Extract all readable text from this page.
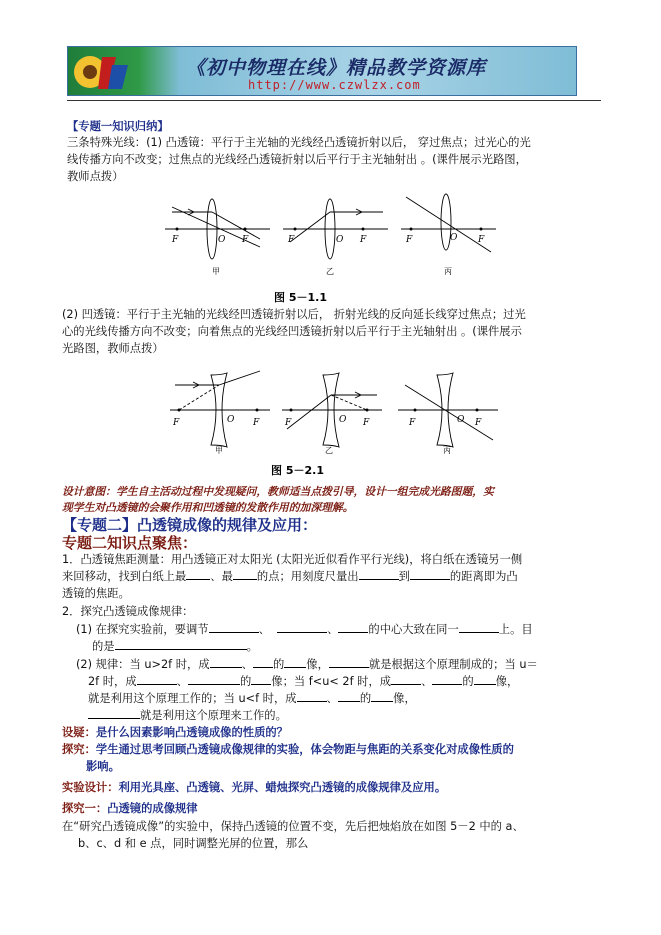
《初中物理在线》精品教学资源库
http://www.czwlzx.com
【专题一知识归纳】
三条特殊光线：(1) 凸透镜：平行于主光轴的光线经凸透镜折射以后， 穿过焦点；过光心的光
线传播方向不改变；过焦点的光线经凸透镜折射以后平行于主光轴射出 。(课件展示光路图，
教师点拨）
F	O F	F	O F	F	O F
甲	乙	丙
图 5－1.1
(2) 凹透镜：平行于主光轴的光线经凹透镜折射以后， 折射光线的反向延长线穿过焦点；过光
心的光线传播方向不改变；向着焦点的光线经凹透镜折射以后平行于主光轴射出 。(课件展示
光路图，教师点拨）
F	O F	F	O F	F	O F
甲	乙	丙
图 5－2.1
设计意图：学生自主活动过程中发现疑问，教师适当点拨引导，设计一组完成光路图题，实
现学生对凸透镜的会聚作用和凹透镜的发散作用的加深理解。
【专题二】凸透镜成像的规律及应用：
专题二知识点聚焦：
1．凸透镜焦距测量：用凸透镜正对太阳光 (太阳光近似看作平行光线)，将白纸在透镜另一侧
来回移动，找到白纸上最 、最 的点；用刻度尺量出	到	的距离即为凸
透镜的焦距。
2．探究凸透镜成像规律：
(1) 在探究实验前，要调节	、	、	的中心大致在同一	上。目
的是	。
(2) 规律：当 u>2f 时，成	、 的 像，	就是根据这个原理制成的；当 u＝
2f 时，成	、	的 像；当 f<u< 2f 时，成	、	的 像，
就是利用这个原理工作的；当 u<f 时，成	、 的 像，
就是利用这个原理来工作的。
设疑：是什么因素影响凸透镜成像的性质的？
探究：学生通过思考回顾凸透镜成像规律的实验，体会物距与焦距的关系变化对成像性质的
影响。
实验设计：利用光具座、凸透镜、光屏、蜡烛探究凸透镜的成像规律及应用。
探究一：凸透镜的成像规律
在“研究凸透镜成像”的实验中，保持凸透镜的位置不变，先后把烛焰放在如图 5－2 中的 a、
b、c、d 和 e 点，同时调整光屏的位置，那么
